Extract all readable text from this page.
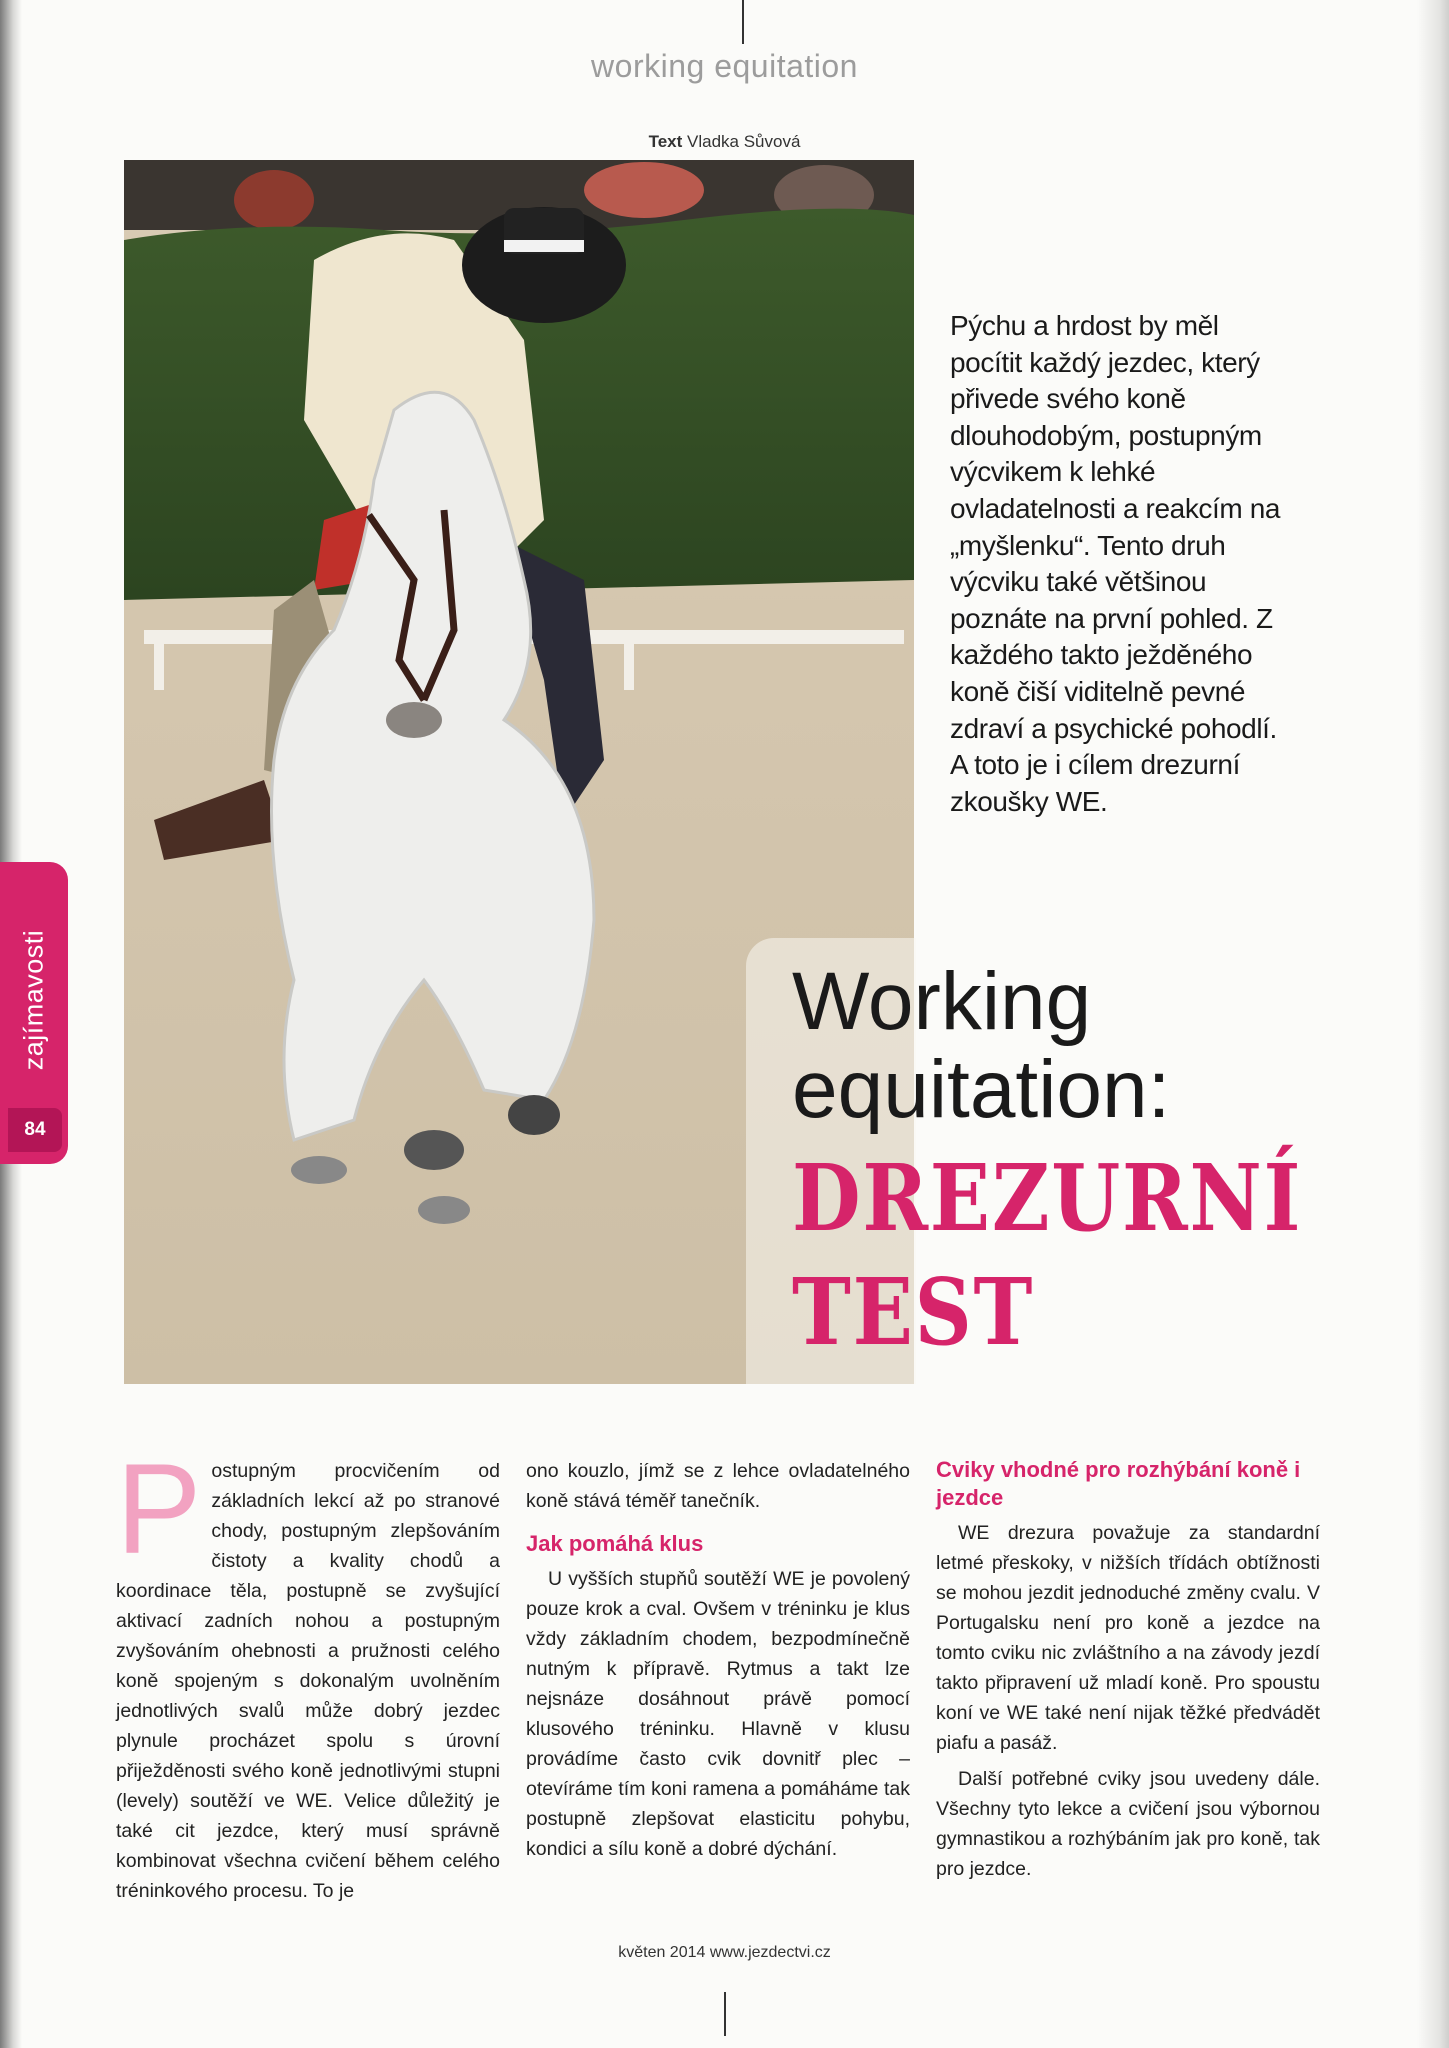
working equitation
Text Vladka Sůvová
Pýchu a hrdost by měl pocítit každý jezdec, který přivede svého koně dlouhodobým, postupným výcvikem k lehké ovladatelnosti a reakcím na „myšlenku“. Tento druh výcviku také většinou poznáte na první pohled. Z každého takto ježděného koně čiší viditelně pevné zdraví a psychické pohodlí. A toto je i cílem drezurní zkoušky WE.
zajímavosti
84
Working
equitation:
DREZURNÍ
TEST

P ostupným procvičením od základních lekcí až po stranové chody, postupným zlepšováním čistoty a kvality chodů a koordinace těla, postupně se zvyšující aktivací zadních nohou a postupným zvyšováním ohebnosti a pružnosti celého koně spojeným s dokonalým uvolněním jednotlivých svalů může dobrý jezdec plynule procházet spolu s úrovní přiježděnosti svého koně jednotlivými stupni (levely) soutěží ve WE. Velice důležitý je také cit jezdce, který musí správně kombinovat všechna cvičení během celého tréninkového procesu. To je

ono kouzlo, jímž se z lehce ovladatelného koně stává téměř tanečník.

Jak pomáhá klus

U vyšších stupňů soutěží WE je povolený pouze krok a cval. Ovšem v tréninku je klus vždy základním chodem, bezpodmínečně nutným k přípravě. Rytmus a takt lze nejsnáze dosáhnout právě pomocí klusového tréninku. Hlavně v klusu provádíme často cvik dovnitř plec – otevíráme tím koni ramena a pomáháme tak postupně zlepšovat elasticitu pohybu, kondici a sílu koně a dobré dýchání.

Cviky vhodné pro rozhýbání koně i jezdce

WE drezura považuje za standardní letmé přeskoky, v nižších třídách obtížnosti se mohou jezdit jednoduché změny cvalu. V Portugalsku není pro koně a jezdce na tomto cviku nic zvláštního a na závody jezdí takto připravení už mladí koně. Pro spoustu koní ve WE také není nijak těžké předvádět piafu a pasáž.

Další potřebné cviky jsou uvedeny dále. Všechny tyto lekce a cvičení jsou výbornou gymnastikou a rozhýbáním jak pro koně, tak pro jezdce.

květen 2014 www.jezdectvi.cz
